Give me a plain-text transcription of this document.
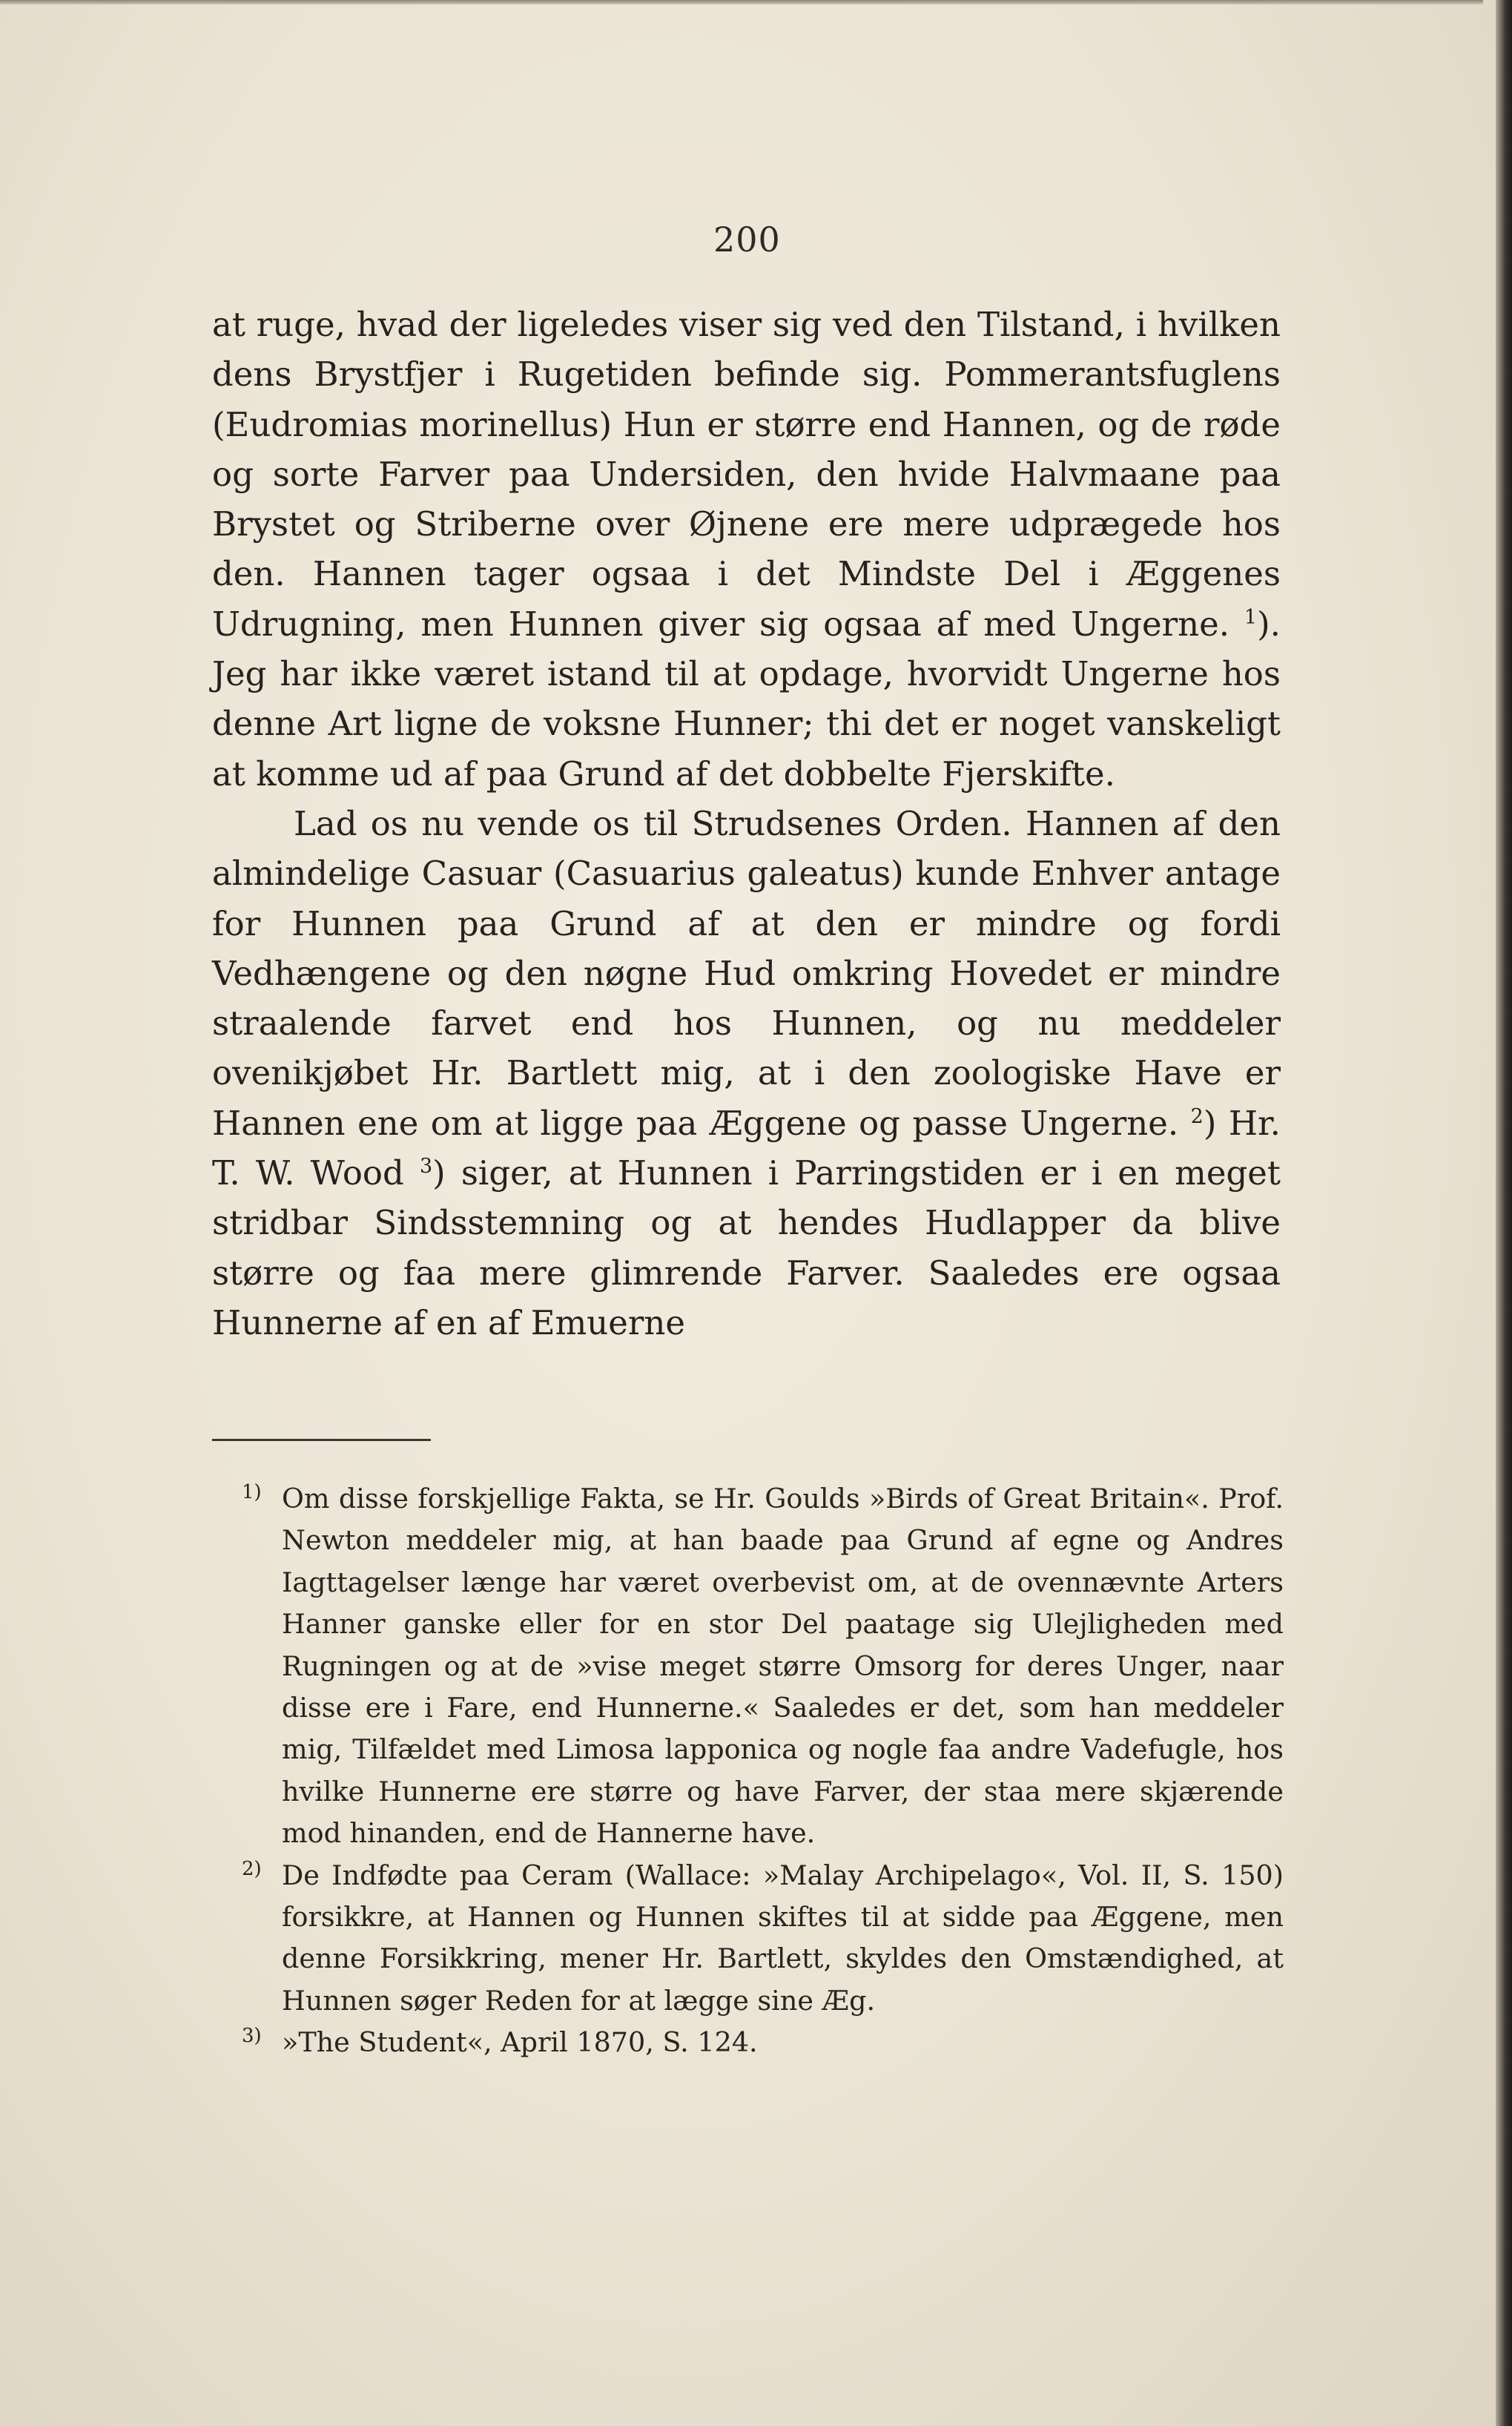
200

at ruge, hvad der ligeledes viser sig ved den Tilstand, i hvilken dens Brystfjer i Rugetiden befinde sig. Pommerantsfuglens (Eudromias morinellus) Hun er større end Hannen, og de røde og sorte Farver paa Undersiden, den hvide Halvmaane paa Brystet og Striberne over Øjnene ere mere udprægede hos den. Hannen tager ogsaa i det Mindste Del i Æggenes Udrugning, men Hunnen giver sig ogsaa af med Ungerne. $^1$). Jeg har ikke været istand til at opdage, hvorvidt Ungerne hos denne Art ligne de voksne Hunner; thi det er noget vanskeligt at komme ud af paa Grund af det dobbelte Fjerskifte.

Lad os nu vende os til Strudsenes Orden. Hannen af den almindelige Casuar (Casuarius galeatus) kunde Enhver antage for Hunnen paa Grund af at den er mindre og fordi Vedhængene og den nøgne Hud omkring Hovedet er mindre straalende farvet end hos Hunnen, og nu meddeler ovenikjøbet Hr. Bartlett mig, at i den zoologiske Have er Hannen ene om at ligge paa Æggene og passe Ungerne. $^2$) Hr. T. W. Wood $^3$) siger, at Hunnen i Parringstiden er i en meget stridbar Sindsstemning og at hendes Hudlapper da blive større og faa mere glimrende Farver. Saaledes ere ogsaa Hunnerne af en af Emuerne

1) Om disse forskjellige Fakta, se Hr. Goulds »Birds of Great Britain«. Prof. Newton meddeler mig, at han baade paa Grund af egne og Andres Iagttagelser længe har været overbevist om, at de ovennævnte Arters Hanner ganske eller for en stor Del paatage sig Ulejligheden med Rugningen og at de »vise meget større Omsorg for deres Unger, naar disse ere i Fare, end Hunnerne.« Saaledes er det, som han meddeler mig, Tilfældet med Limosa lapponica og nogle faa andre Vadefugle, hos hvilke Hunnerne ere større og have Farver, der staa mere skjærende mod hinanden, end de Hannerne have.
2) De Indfødte paa Ceram (Wallace: »Malay Archipelago«, Vol. II, S. 150) forsikkre, at Hannen og Hunnen skiftes til at sidde paa Æggene, men denne Forsikkring, mener Hr. Bartlett, skyldes den Omstændighed, at Hunnen søger Reden for at lægge sine Æg.
3) »The Student«, April 1870, S. 124.
